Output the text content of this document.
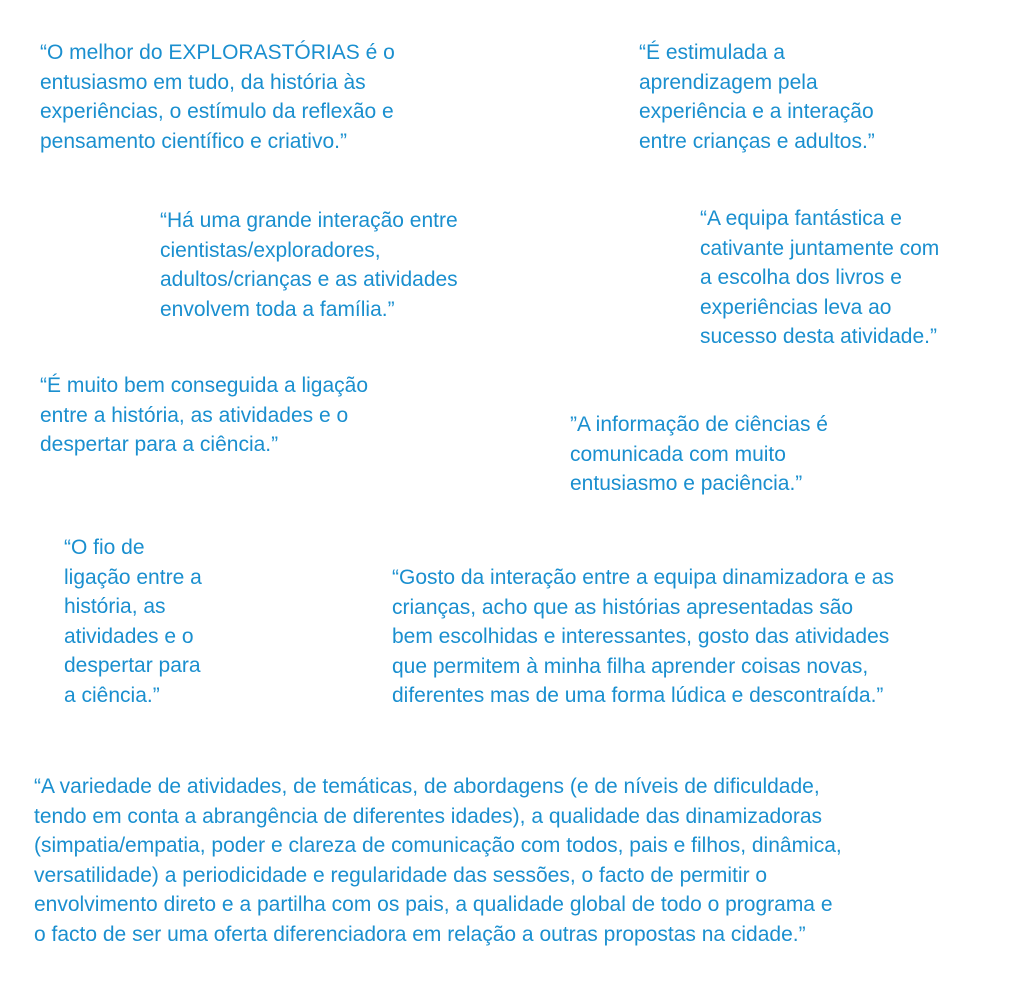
“O melhor do EXPLORASTÓRIAS é o
entusiasmo em tudo, da história às
experiências, o estímulo da reflexão e
pensamento científico e criativo.”
“É estimulada a
aprendizagem pela
experiência e a interação
entre crianças e adultos.”
“Há uma grande interação entre
cientistas/exploradores,
adultos/crianças e as atividades
envolvem toda a família.”
“A equipa fantástica e
cativante juntamente com
a escolha dos livros e
experiências leva ao
sucesso desta atividade.”
“É muito bem conseguida a ligação
entre a história, as atividades e o
despertar para a ciência.”
”A informação de ciências é
comunicada com muito
entusiasmo e paciência.”
“O fio de
ligação entre a
história, as
atividades e o
despertar para
a ciência.”
“Gosto da interação entre a equipa dinamizadora e as
crianças, acho que as histórias apresentadas são
bem escolhidas e interessantes, gosto das atividades
que permitem à minha filha aprender coisas novas,
diferentes mas de uma forma lúdica e descontraída.”
“A variedade de atividades, de temáticas, de abordagens (e de níveis de dificuldade,
tendo em conta a abrangência de diferentes idades), a qualidade das dinamizadoras
(simpatia/empatia, poder e clareza de comunicação com todos, pais e filhos, dinâmica,
versatilidade) a periodicidade e regularidade das sessões, o facto de permitir o
envolvimento direto e a partilha com os pais, a qualidade global de todo o programa e
o facto de ser uma oferta diferenciadora em relação a outras propostas na cidade.”
